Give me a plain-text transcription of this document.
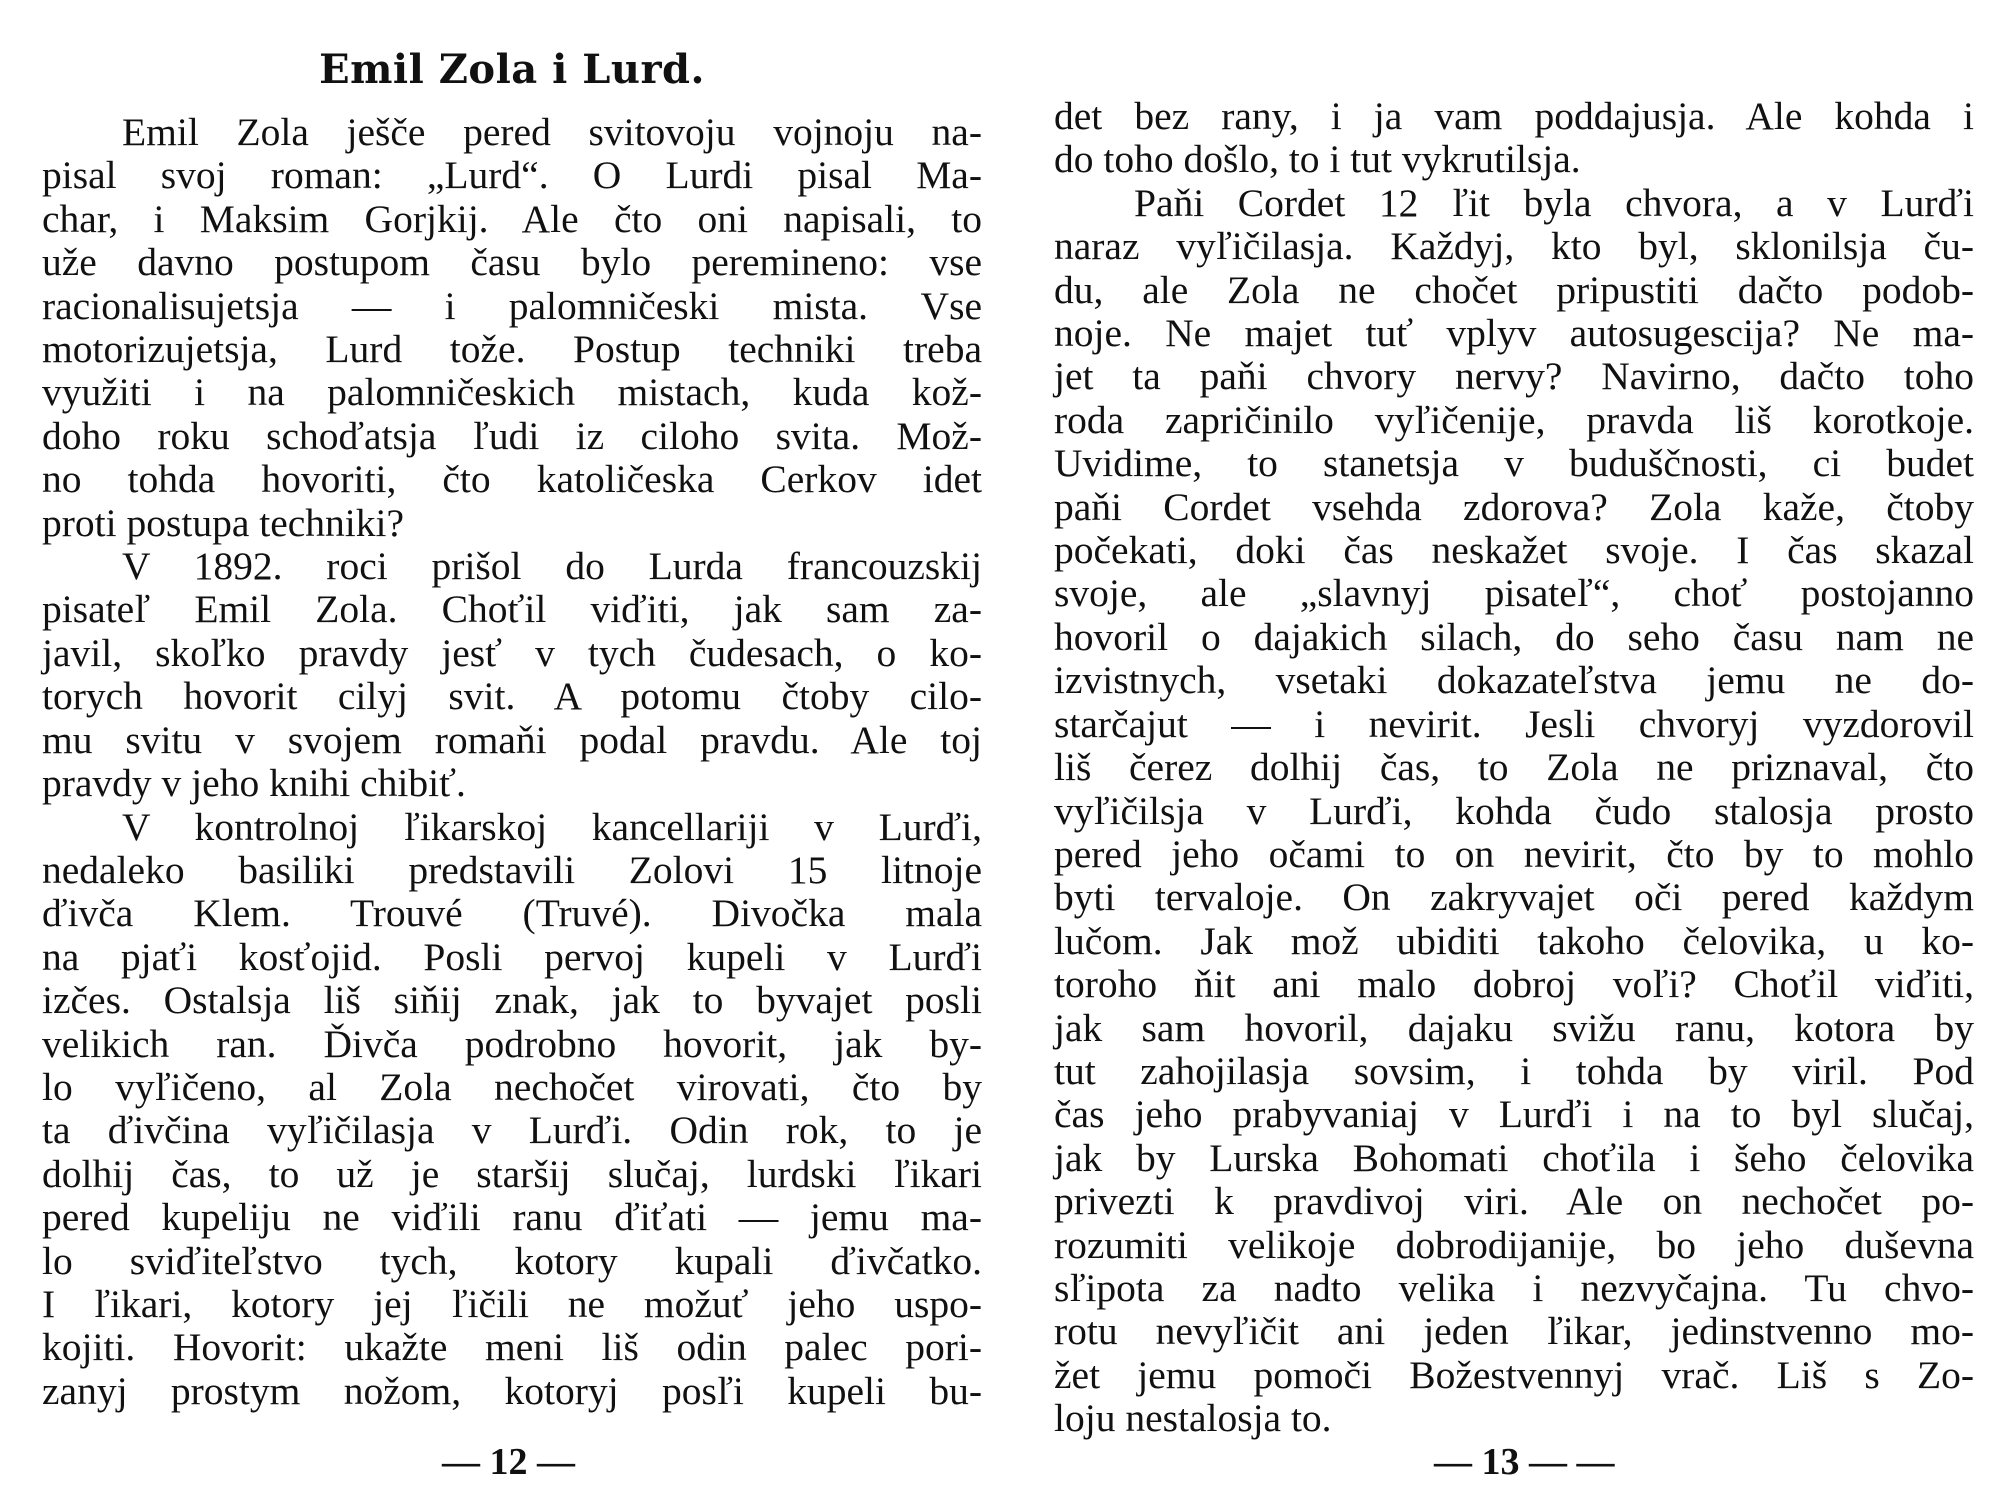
Emil Zola i Lurd.
Emil Zola ješče pered svitovoju vojnoju na-
pisal svoj roman: „Lurd“. O Lurdi pisal Ma-
char, i Maksim Gorjkij. Ale čto oni napisali, to
uže davno postupom času bylo peremineno: vse
racionalisujetsja — i palomničeski mista. Vse
motorizujetsja, Lurd tože. Postup techniki treba
využiti i na palomničeskich mistach, kuda kož-
doho roku schoďatsja ľudi iz ciloho svita. Mož-
no tohda hovoriti, čto katoličeska Cerkov idet
proti postupa techniki?
V 1892. roci prišol do Lurda francouzskij
pisateľ Emil Zola. Choťil viďiti, jak sam za-
javil, skoľko pravdy jesť v tych čudesach, o ko-
torych hovorit cilyj svit. A potomu čtoby cilo-
mu svitu v svojem romaňi podal pravdu. Ale toj
pravdy v jeho knihi chibiť.
V kontrolnoj ľikarskoj kancellariji v Lurďi,
nedaleko basiliki predstavili Zolovi 15 litnoje
ďivča Klem. Trouvé (Truvé). Divočka mala
na pjaťi kosťojid. Posli pervoj kupeli v Lurďi
izčes. Ostalsja liš siňij znak, jak to byvajet posli
velikich ran. Ďivča podrobno hovorit, jak by-
lo vyľičeno, al Zola nechočet virovati, čto by
ta ďivčina vyľičilasja v Lurďi. Odin rok, to je
dolhij čas, to už je staršij slučaj, lurdski ľikari
pered kupeliju ne viďili ranu ďiťati — jemu ma-
lo sviďiteľstvo tych, kotory kupali ďivčatko.
I ľikari, kotory jej ľičili ne možuť jeho uspo-
kojiti. Hovorit: ukažte meni liš odin palec pori-
zanyj prostym nožom, kotoryj posľi kupeli bu-

— 12 —

det bez rany, i ja vam poddajusja. Ale kohda i
do toho došlo, to i tut vykrutilsja.
Paňi Cordet 12 ľit byla chvora, a v Lurďi
naraz vyľičilasja. Každyj, kto byl, sklonilsja ču-
du, ale Zola ne chočet pripustiti dačto podob-
noje. Ne majet tuť vplyv autosugescija? Ne ma-
jet ta paňi chvory nervy? Navirno, dačto toho
roda zapričinilo vyľičenije, pravda liš korotkoje.
Uvidime, to stanetsja v buduščnosti, ci budet
paňi Cordet vsehda zdorova? Zola kaže, čtoby
počekati, doki čas neskažet svoje. I čas skazal
svoje, ale „slavnyj pisateľ“, choť postojanno
hovoril o dajakich silach, do seho času nam ne
izvistnych, vsetaki dokazateľstva jemu ne do-
starčajut — i nevirit. Jesli chvoryj vyzdorovil
liš čerez dolhij čas, to Zola ne priznaval, čto
vyľičilsja v Lurďi, kohda čudo stalosja prosto
pered jeho očami to on nevirit, čto by to mohlo
byti tervaloje. On zakryvajet oči pered každym
lučom. Jak mož ubiditi takoho čelovika, u ko-
toroho ňit ani malo dobroj voľi? Choťil viďiti,
jak sam hovoril, dajaku svižu ranu, kotora by
tut zahojilasja sovsim, i tohda by viril. Pod
čas jeho prabyvaniaj v Lurďi i na to byl slučaj,
jak by Lurska Bohomati choťila i šeho čelovika
privezti k pravdivoj viri. Ale on nechočet po-
rozumiti velikoje dobrodijanije, bo jeho duševna
sľipota za nadto velika i nezvyčajna. Tu chvo-
rotu nevyľičit ani jeden ľikar, jedinstvenno mo-
žet jemu pomoči Božestvennyj vrač. Liš s Zo-
loju nestalosja to.

— 13 — —
